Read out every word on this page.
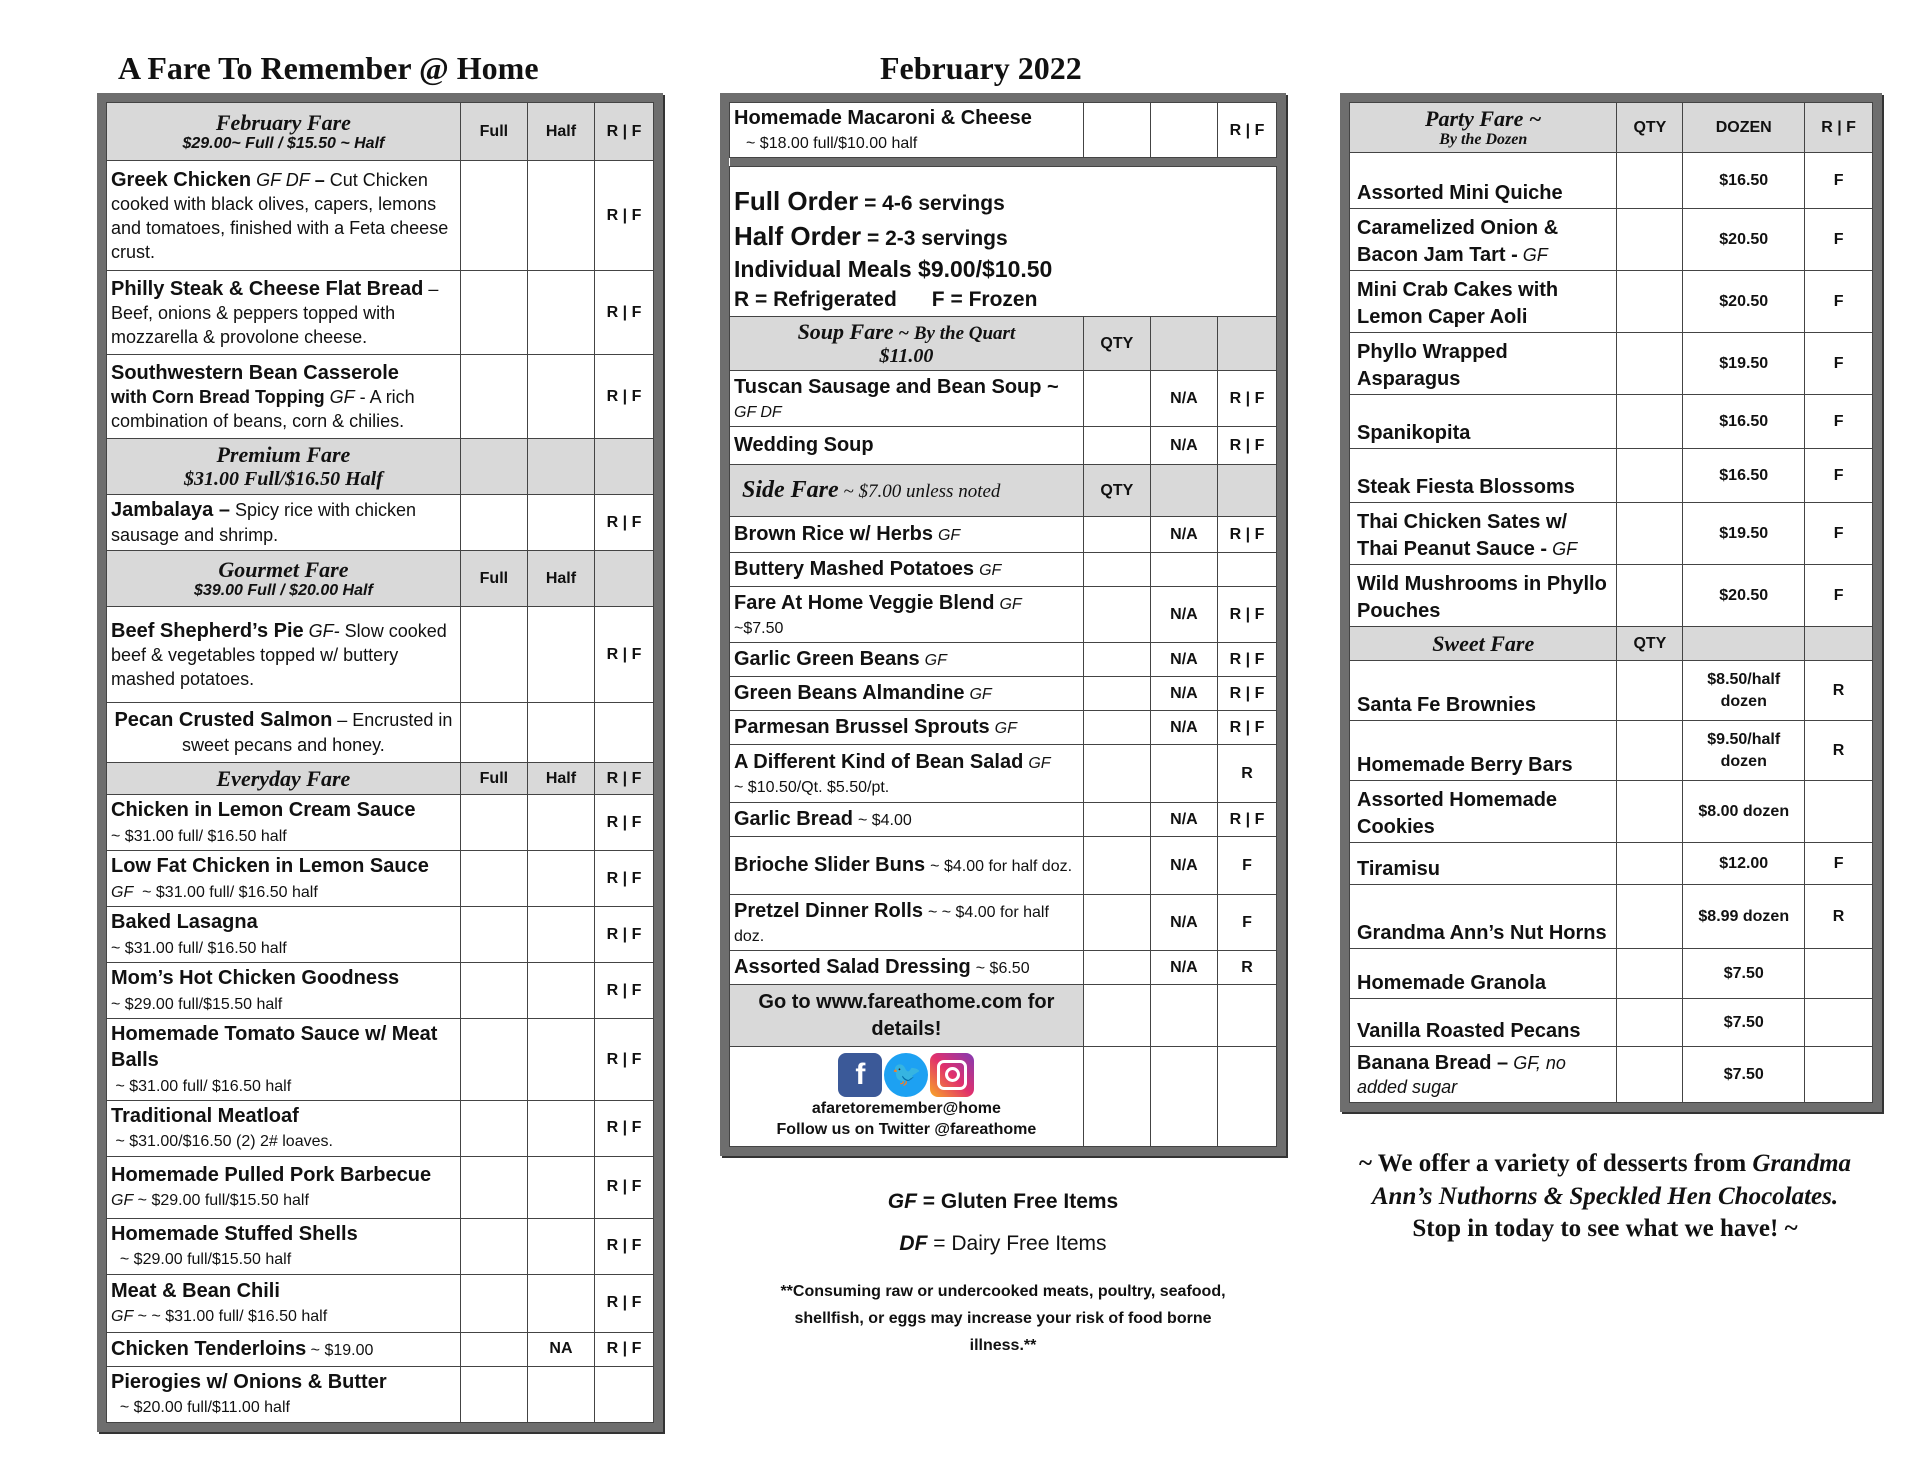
A Fare To Remember @ Home	February 2022
February Fare
$29.00~ Full / $15.50 ~ Half	Full	Half	R | F
Greek Chicken GF DF – Cut Chicken cooked with black olives, capers, lemons and tomatoes, finished with a Feta cheese crust.			R | F
Philly Steak & Cheese Flat Bread – Beef, onions & peppers topped with mozzarella & provolone cheese.			R | F
Southwestern Bean Casserole
with Corn Bread Topping GF - A rich combination of beans, corn & chilies.			R | F
Premium Fare
$31.00 Full/$16.50 Half			

Jambalaya – Spicy rice with chicken sausage and shrimp.			R | F
Gourmet Fare
$39.00 Full / $20.00 Half	Full	Half	
Beef Shepherd’s Pie GF- Slow cooked beef & vegetables topped w/ buttery mashed potatoes.			R | F
Pecan Crusted Salmon – Encrusted in sweet pecans and honey.			
Everyday Fare	Full	Half	R | F
Chicken in Lemon Cream Sauce
~ $31.00 full/ $16.50 half			R | F
Low Fat Chicken in Lemon Sauce
GF  ~ $31.00 full/ $16.50 half			R | F
Baked Lasagna
~ $31.00 full/ $16.50 half			R | F
Mom’s Hot Chicken Goodness
~ $29.00 full/$15.50 half			R | F
Homemade Tomato Sauce w/ Meat Balls
~ $31.00 full/ $16.50 half			R | F
Traditional Meatloaf
~ $31.00/$16.50 (2) 2# loaves.			R | F
Homemade Pulled Pork Barbecue
GF ~ $29.00 full/$15.50 half			R | F
Homemade Stuffed Shells
~ $29.00 full/$15.50 half			R | F
Meat & Bean Chili
GF ~ ~ $31.00 full/ $16.50 half			R | F
Chicken Tenderloins ~ $19.00		NA	R | F
Pierogies w/ Onions & Butter
~ $20.00 full/$11.00 half			
Homemade Macaroni & Cheese
~ $18.00 full/$10.00 half			R | F

Full Order = 4-6 servings
Half Order = 2-3 servings
Individual Meals $9.00/$10.50
R = Refrigerated      F = Frozen			
Soup Fare ~ By the Quart
$11.00	QTY		
Tuscan Sausage and Bean Soup ~
GF DF		N/A	R | F
Wedding Soup		N/A	R | F
Side Fare ~ $7.00 unless noted	QTY		
Brown Rice w/ Herbs GF		N/A	R | F
Buttery Mashed Potatoes GF			
Fare At Home Veggie Blend GF
~$7.50		N/A	R | F
Garlic Green Beans GF		N/A	R | F
Green Beans Almandine GF		N/A	R | F
Parmesan Brussel Sprouts GF		N/A	R | F
A Different Kind of Bean Salad GF
~ $10.50/Qt. $5.50/pt.			R
Garlic Bread ~ $4.00		N/A	R | F
Brioche Slider Buns ~ $4.00 for half doz.		N/A	F
Pretzel Dinner Rolls ~ ~ $4.00 for half doz.		N/A	F
Assorted Salad Dressing ~ $6.50		N/A	R
Go to www.fareathome.com for details!			

f 🐦
afaretoremember@home
Follow us on Twitter @fareathome			

GF = Gluten Free Items
DF = Dairy Free Items
**Consuming raw or undercooked meats, poultry, seafood, shellfish, or eggs may increase your risk of food borne illness.**
Party Fare ~
By the Dozen	QTY	DOZEN	R | F
Assorted Mini Quiche		$16.50	F
Caramelized Onion & Bacon Jam Tart - GF		$20.50	F
Mini Crab Cakes with Lemon Caper Aoli		$20.50	F
Phyllo Wrapped Asparagus		$19.50	F
Spanikopita		$16.50	F
Steak Fiesta Blossoms		$16.50	F
Thai Chicken Sates w/ Thai Peanut Sauce - GF		$19.50	F
Wild Mushrooms in Phyllo Pouches		$20.50	F
Sweet Fare	QTY		
Santa Fe Brownies		$8.50/half dozen	R
Homemade Berry Bars		$9.50/half dozen	R
Assorted Homemade Cookies		$8.00 dozen	
Tiramisu		$12.00	F
Grandma Ann’s Nut Horns		$8.99 dozen	R
Homemade Granola		$7.50	
Vanilla Roasted Pecans		$7.50	
Banana Bread – GF, no added sugar		$7.50	
~ We offer a variety of desserts from Grandma Ann’s Nuthorns & Speckled Hen Chocolates. Stop in today to see what we have! ~
